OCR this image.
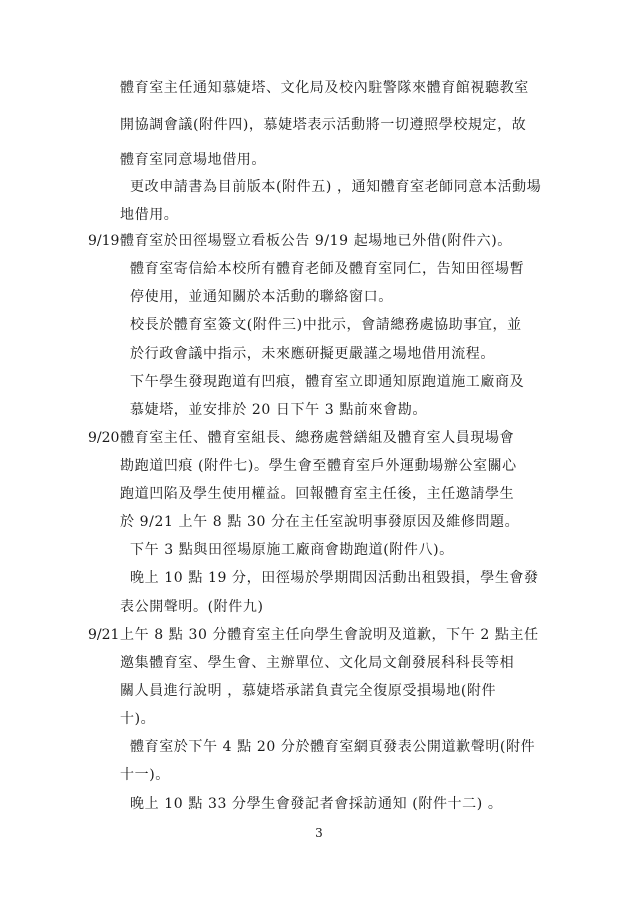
體育室主任通知慕婕塔、文化局及校內駐警隊來體育館視聽教室
開協調會議(附件四)，慕婕塔表示活動將一切遵照學校規定，故
體育室同意場地借用。
更改申請書為目前版本(附件五) ，通知體育室老師同意本活動場
地借用。
9/19 體育室於田徑場豎立看板公告 9/19 起場地已外借(附件六)。
體育室寄信給本校所有體育老師及體育室同仁，告知田徑場暫
停使用，並通知關於本活動的聯絡窗口。
校長於體育室簽文(附件三)中批示，會請總務處協助事宜，並
於行政會議中指示，未來應研擬更嚴謹之場地借用流程。
下午學生發現跑道有凹痕，體育室立即通知原跑道施工廠商及
慕婕塔，並安排於 20 日下午 3 點前來會勘。
9/20 體育室主任、體育室組長、總務處營繕組及體育室人員現場會
勘跑道凹痕 (附件七)。學生會至體育室戶外運動場辦公室關心
跑道凹陷及學生使用權益。回報體育室主任後，主任邀請學生
於 9/21 上午 8 點 30 分在主任室說明事發原因及維修問題。
下午 3 點與田徑場原施工廠商會勘跑道(附件八)。
晚上 10 點 19 分，田徑場於學期間因活動出租毀損，學生會發
表公開聲明。(附件九)
9/21 上午 8 點 30 分體育室主任向學生會說明及道歉，下午 2 點主任
邀集體育室、學生會、主辦單位、文化局文創發展科科長等相
關人員進行說明 ，慕婕塔承諾負責完全復原受損場地(附件
十)。
體育室於下午 4 點 20 分於體育室網頁發表公開道歉聲明(附件
十一)。
晚上 10 點 33 分學生會發記者會採訪通知 (附件十二) 。
3
